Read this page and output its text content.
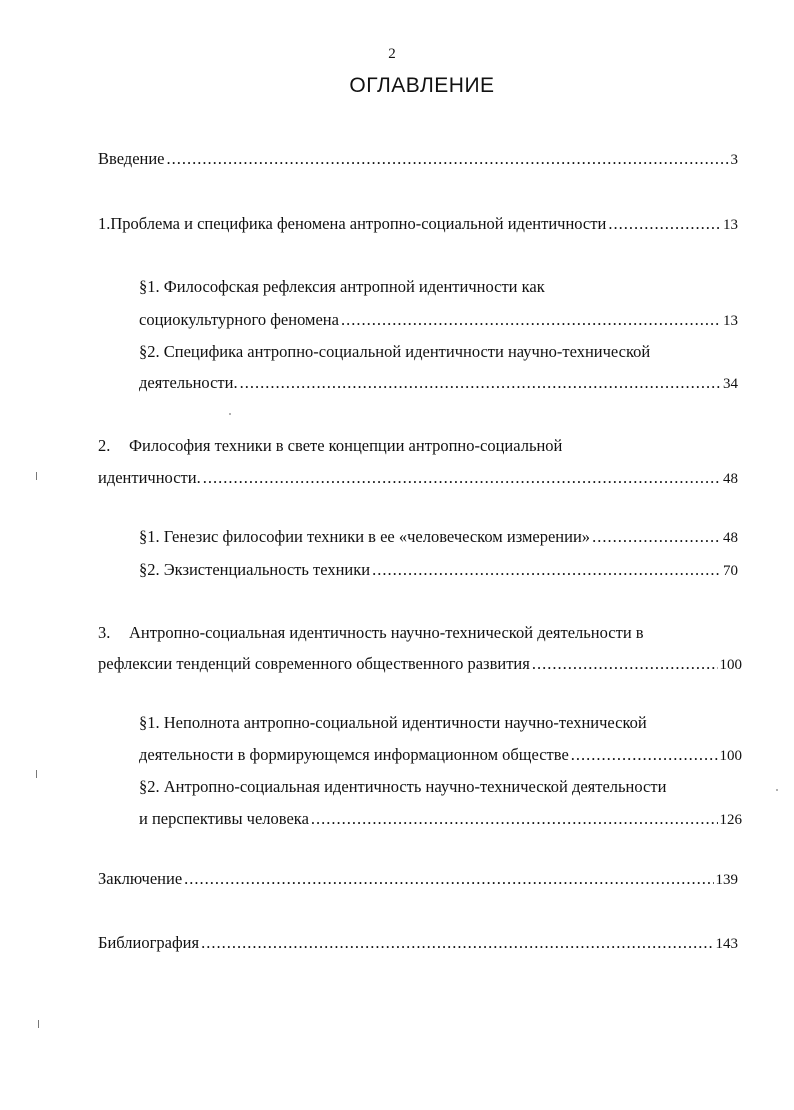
2
ОГЛАВЛЕНИЕ
Введение .....	3
1. Проблема и специфика феномена антропно-социальной идентичности .....	13
§1. Философская рефлексия антропной идентичности как
социокультурного феномена .....	13
§2. Специфика антропно-социальной идентичности научно-технической
деятельности. .....	34
2. Философия техники в свете концепции антропно-социальной
идентичности. .....	48
§1. Генезис философии техники в ее «человеческом измерении» .....	48
§2. Экзистенциальность техники .....	70
3. Антропно-социальная идентичность научно-технической деятельности в
рефлексии тенденций современного общественного развития .....	100
§1. Неполнота антропно-социальной идентичности научно-технической
деятельности в формирующемся информационном обществе .....	100
§2. Антропно-социальная идентичность научно-технической деятельности
и перспективы человека .....	126
Заключение .....	139
Библиография .....	143
